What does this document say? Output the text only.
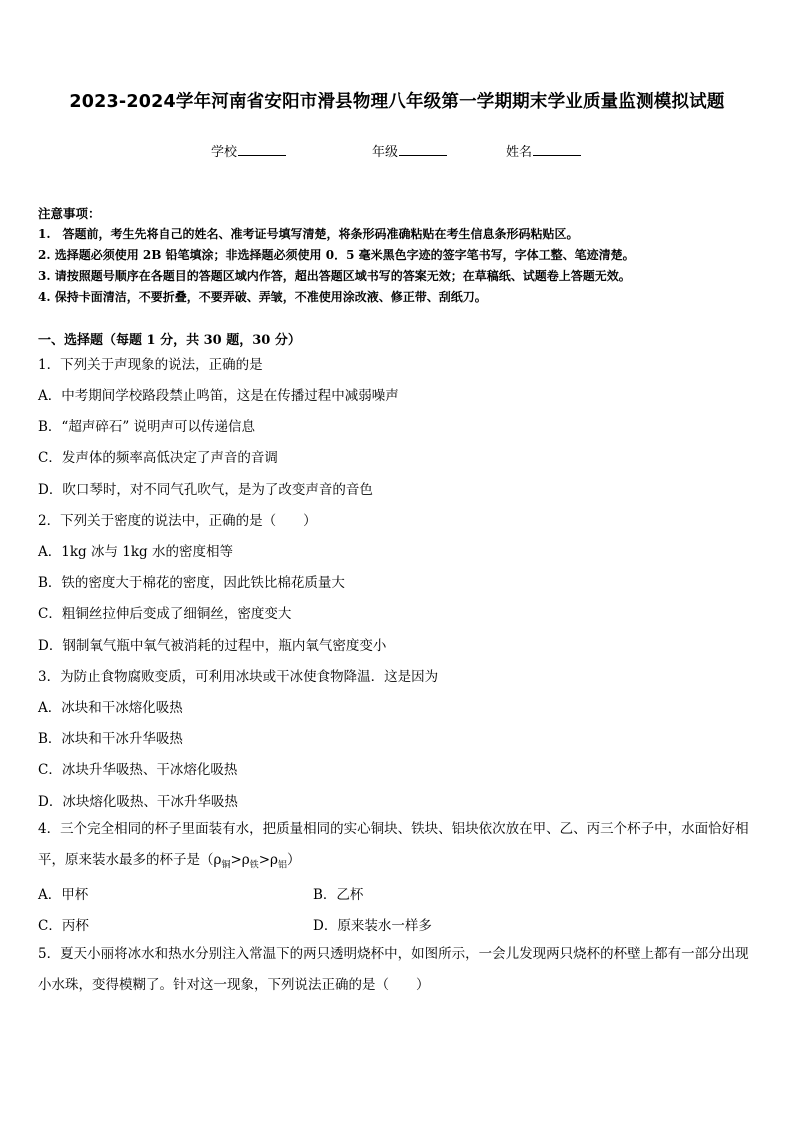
2023-2024学年河南省安阳市滑县物理八年级第一学期期末学业质量监测模拟试题
学校	年级	姓名
注意事项：
1.　答题前，考生先将自己的姓名、准考证号填写清楚，将条形码准确粘贴在考生信息条形码粘贴区。
2. 选择题必须使用 2B 铅笔填涂；非选择题必须使用 0．5 毫米黑色字迹的签字笔书写，字体工整、笔迹清楚。
3. 请按照题号顺序在各题目的答题区域内作答，超出答题区域书写的答案无效；在草稿纸、试题卷上答题无效。
4. 保持卡面清洁，不要折叠，不要弄破、弄皱，不准使用涂改液、修正带、刮纸刀。
一、选择题（每题 1 分，共 30 题，30 分）
1．下列关于声现象的说法，正确的是
A．中考期间学校路段禁止鸣笛，这是在传播过程中减弱噪声
B．“超声碎石” 说明声可以传递信息
C．发声体的频率高低决定了声音的音调
D．吹口琴时，对不同气孔吹气，是为了改变声音的音色
2．下列关于密度的说法中，正确的是（　　）
A．1kg 冰与 1kg 水的密度相等
B．铁的密度大于棉花的密度，因此铁比棉花质量大
C．粗铜丝拉伸后变成了细铜丝，密度变大
D．钢制氧气瓶中氧气被消耗的过程中，瓶内氧气密度变小
3．为防止食物腐败变质，可利用冰块或干冰使食物降温．这是因为
A．冰块和干冰熔化吸热
B．冰块和干冰升华吸热
C．冰块升华吸热、干冰熔化吸热
D．冰块熔化吸热、干冰升华吸热
4．三个完全相同的杯子里面装有水，把质量相同的实心铜块、铁块、铝块依次放在甲、乙、丙三个杯子中，水面恰好相平，原来装水最多的杯子是$(\rho_铜>\rho_铁>\rho_铝)$
A．甲杯	B．乙杯
C．丙杯	D．原来装水一样多
5．夏天小丽将冰水和热水分别注入常温下的两只透明烧杯中，如图所示，一会儿发现两只烧杯的杯壁上都有一部分出现小水珠，变得模糊了。针对这一现象，下列说法正确的是（　　）
